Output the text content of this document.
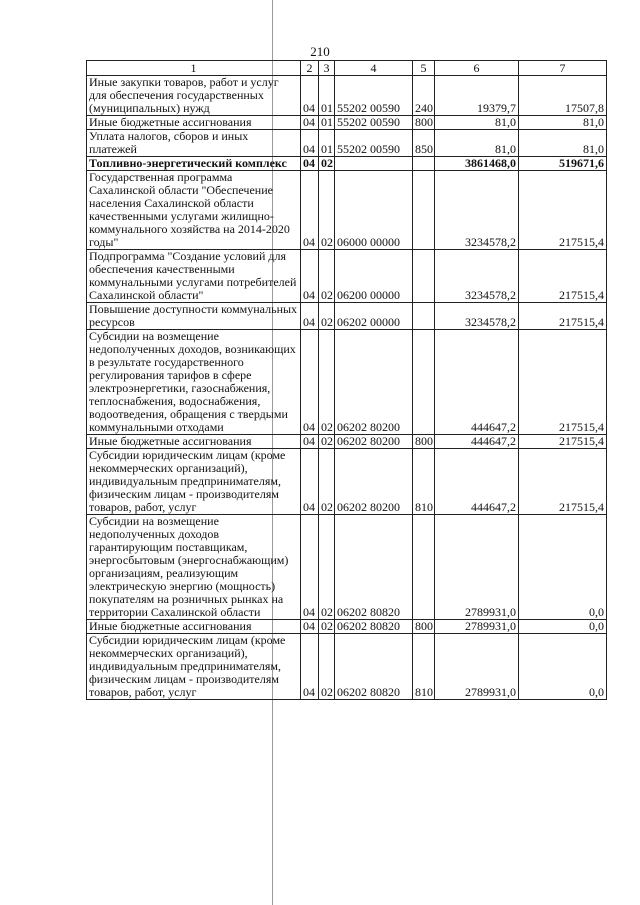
210
1	2	3	4	5	6	7
Иные закупки товаров, работ и услуг для обеспечения государственных (муниципальных) нужд	04	01	55202 00590	240	19379,7	17507,8
Иные бюджетные ассигнования	04	01	55202 00590	800	81,0	81,0
Уплата налогов, сборов и иных платежей	04	01	55202 00590	850	81,0	81,0
Топливно-энергетический комплекс	04	02			3861468,0	519671,6
Государственная программа Сахалинской области "Обеспечение населения Сахалинской области качественными услугами жилищно-коммунального хозяйства на 2014-2020 годы"	04	02	06000 00000		3234578,2	217515,4
Подпрограмма "Создание условий для обеспечения качественными коммунальными услугами потребителей Сахалинской области"	04	02	06200 00000		3234578,2	217515,4
Повышение доступности коммунальных ресурсов	04	02	06202 00000		3234578,2	217515,4
Субсидии на возмещение недополученных доходов, возникающих в результате государственного регулирования тарифов в сфере электроэнергетики, газоснабжения, теплоснабжения, водоснабжения, водоотведения, обращения с твердыми коммунальными отходами	04	02	06202 80200		444647,2	217515,4
Иные бюджетные ассигнования	04	02	06202 80200	800	444647,2	217515,4
Субсидии юридическим лицам (кроме некоммерческих организаций), индивидуальным предпринимателям, физическим лицам - производителям товаров, работ, услуг	04	02	06202 80200	810	444647,2	217515,4
Субсидии на возмещение недополученных доходов гарантирующим поставщикам, энергосбытовым (энергоснабжающим) организациям, реализующим электрическую энергию (мощность) покупателям на розничных рынках на территории Сахалинской области	04	02	06202 80820		2789931,0	0,0
Иные бюджетные ассигнования	04	02	06202 80820	800	2789931,0	0,0
Субсидии юридическим лицам (кроме некоммерческих организаций), индивидуальным предпринимателям, физическим лицам - производителям товаров, работ, услуг	04	02	06202 80820	810	2789931,0	0,0
